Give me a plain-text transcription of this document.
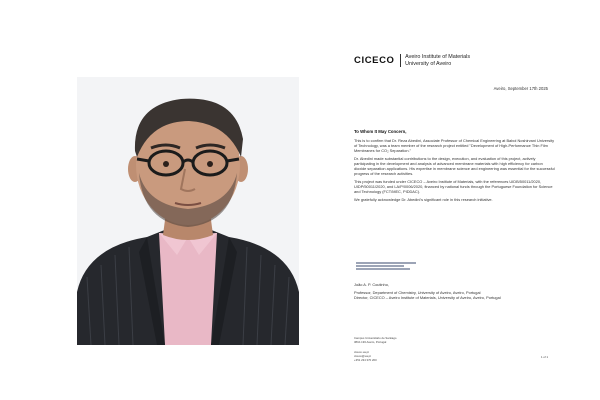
CICECO Aveiro Institute of Materials
University of Aveiro
Aveiro, September 17th 2025
To Whom It May Concern,

This is to confirm that Dr. Reza Abedini, Associate Professor of Chemical Engineering at Babol Noshirvani University of Technology, was a team member of the research project entitled "Development of High-Performance Thin Film Membranes for CO₂ Separation."

Dr. Abedini made substantial contributions to the design, execution, and evaluation of this project, actively participating in the development and analysis of advanced membrane materials with high efficiency for carbon dioxide separation applications. His expertise in membrane science and engineering was essential for the successful progress of the research activities.

This project was funded under CICECO – Aveiro Institute of Materials, with the references UIDB/50011/2020, UIDP/50011/2020, and LA/P/0006/2020, financed by national funds through the Portuguese Foundation for Science and Technology (FCT/MEC, PIDDAC).

We gratefully acknowledge Dr. Abedini's significant role in this research initiative.

João A. P. Coutinho,
Professor, Department of Chemistry, University of Aveiro, Aveiro, Portugal
Director, CICECO – Aveiro Institute of Materials, University of Aveiro, Aveiro, Portugal
Campus Universitário de Santiago
3810-193 Aveiro, Portugal
ciceco.ua.pt
ciceco@ua.pt
+351 234 370 200
1 of 1
